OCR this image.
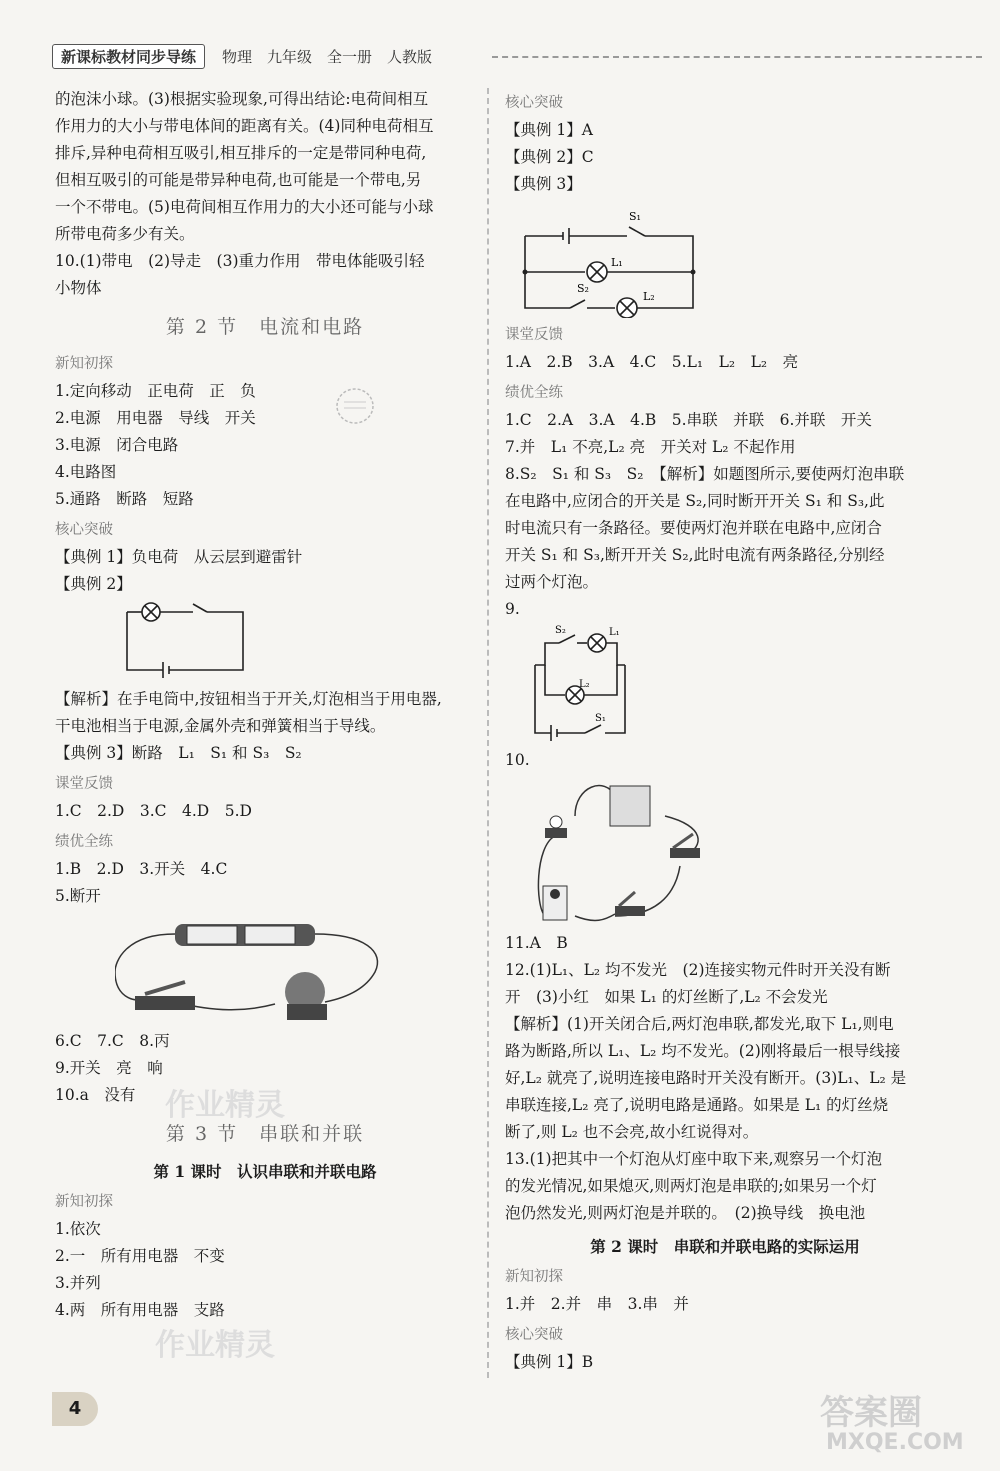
新课标教材同步导练	物理　九年级　全一册　人教版

的泡沫小球。(3)根据实验现象,可得出结论:电荷间相互

作用力的大小与带电体间的距离有关。(4)同种电荷相互

排斥,异种电荷相互吸引,相互排斥的一定是带同种电荷,

但相互吸引的可能是带异种电荷,也可能是一个带电,另

一个不带电。(5)电荷间相互作用力的大小还可能与小球

所带电荷多少有关。

10.(1)带电　(2)导走　(3)重力作用　带电体能吸引轻

小物体

第 2 节　电流和电路

新知初探

1.定向移动　正电荷　正　负

2.电源　用电器　导线　开关

3.电源　闭合电路

4.电路图

5.通路　断路　短路

核心突破

【典例 1】负电荷　从云层到避雷针

【典例 2】

【解析】在手电筒中,按钮相当于开关,灯泡相当于用电器,

干电池相当于电源,金属外壳和弹簧相当于导线。

【典例 3】断路　L₁　S₁ 和 S₃　S₂

课堂反馈

1.C　2.D　3.C　4.D　5.D

绩优全练

1.B　2.D　3.开关　4.C

5.断开

6.C　7.C　8.丙

9.开关　亮　响

10.a　没有

第 3 节　串联和并联

第 1 课时　认识串联和并联电路

新知初探

1.依次

2.一　所有用电器　不变

3.并列

4.两　所有用电器　支路

核心突破

【典例 1】A

【典例 2】C

【典例 3】

S₁
L₁
L₂
S₂

课堂反馈

1.A　2.B　3.A　4.C　5.L₁　L₂　L₂　亮

绩优全练

1.C　2.A　3.A　4.B　5.串联　并联　6.并联　开关

7.并　L₁ 不亮,L₂ 亮　开关对 L₂ 不起作用

8.S₂　S₁ 和 S₃　S₂　【解析】如题图所示,要使两灯泡串联

在电路中,应闭合的开关是 S₂,同时断开开关 S₁ 和 S₃,此

时电流只有一条路径。要使两灯泡并联在电路中,应闭合

开关 S₁ 和 S₃,断开开关 S₂,此时电流有两条路径,分别经

过两个灯泡。

9.

S₂	L₁
L₂
S₁

10.

11.A　B

12.(1)L₁、L₂ 均不发光　(2)连接实物元件时开关没有断

开　(3)小红　如果 L₁ 的灯丝断了,L₂ 不会发光

【解析】(1)开关闭合后,两灯泡串联,都发光,取下 L₁,则电

路为断路,所以 L₁、L₂ 均不发光。(2)刚将最后一根导线接

好,L₂ 就亮了,说明连接电路时开关没有断开。(3)L₁、L₂ 是

串联连接,L₂ 亮了,说明电路是通路。如果是 L₁ 的灯丝烧

断了,则 L₂ 也不会亮,故小红说得对。

13.(1)把其中一个灯泡从灯座中取下来,观察另一个灯泡

的发光情况,如果熄灭,则两灯泡是串联的;如果另一个灯

泡仍然发光,则两灯泡是并联的。　(2)换导线　换电池

第 2 课时　串联和并联电路的实际运用

新知初探

1.并　2.并　串　3.串　并

核心突破

【典例 1】B

作业精灵
作业精灵
答案圈
MXQE.COM
4
